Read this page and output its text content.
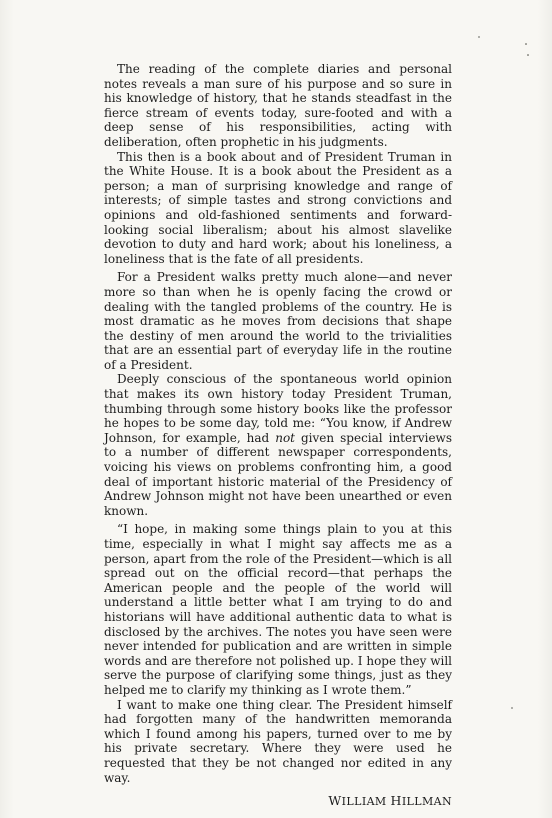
The reading of the complete diaries and personal notes reveals a man sure of his purpose and so sure in his knowledge of history, that he stands steadfast in the fierce stream of events today, sure-footed and with a deep sense of his responsibilities, acting with deliberation, often prophetic in his judgments.

This then is a book about and of President Truman in the White House. It is a book about the President as a person; a man of surprising knowledge and range of interests; of simple tastes and strong convictions and opinions and old-fashioned sentiments and forward-looking social liberalism; about his almost slavelike devotion to duty and hard work; about his loneliness, a loneliness that is the fate of all presidents.

For a President walks pretty much alone—and never more so than when he is openly facing the crowd or dealing with the tangled problems of the country. He is most dramatic as he moves from decisions that shape the destiny of men around the world to the trivialities that are an essential part of everyday life in the routine of a President.

Deeply conscious of the spontaneous world opinion that makes its own history today President Truman, thumbing through some history books like the professor he hopes to be some day, told me: “You know, if Andrew Johnson, for example, had not given special interviews to a number of different newspaper correspondents, voicing his views on problems confronting him, a good deal of important historic material of the Presidency of Andrew Johnson might not have been unearthed or even known.

“I hope, in making some things plain to you at this time, especially in what I might say affects me as a person, apart from the role of the President—which is all spread out on the official record—that perhaps the American people and the people of the world will understand a little better what I am trying to do and historians will have additional authentic data to what is disclosed by the archives. The notes you have seen were never intended for publication and are written in simple words and are therefore not polished up. I hope they will serve the purpose of clarifying some things, just as they helped me to clarify my thinking as I wrote them.”

I want to make one thing clear. The President himself had forgotten many of the handwritten memoranda which I found among his papers, turned over to me by his private secretary. Where they were used he requested that they be not changed nor edited in any way.

WILLIAM HILLMAN
